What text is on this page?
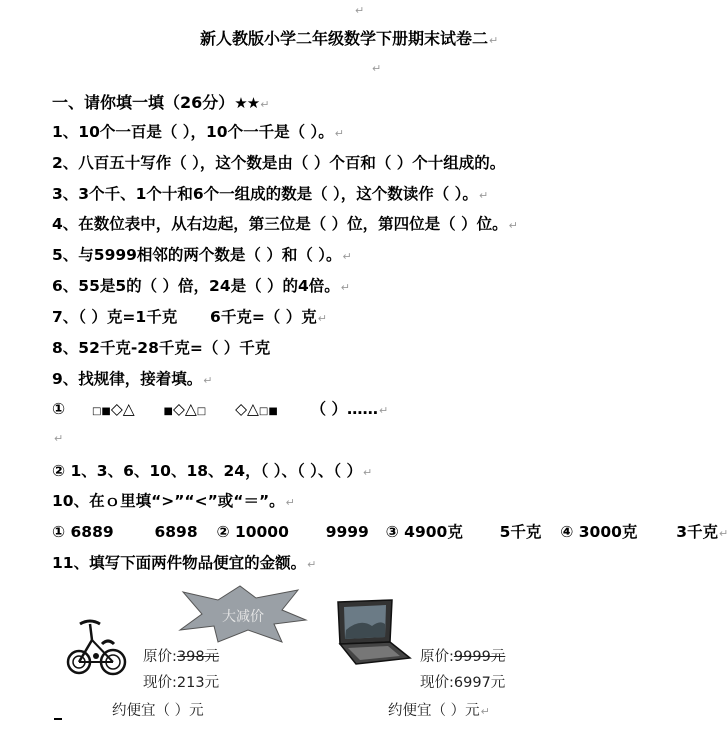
↵
新人教版小学二年级数学下册期末试卷二↵
↵
一、请你填一填（26分）★★↵
1、10个一百是（ ），10个一千是（ ）。↵
2、八百五十写作（ ），这个数是由（ ）个百和（ ）个十组成的。
3、3个千、1个十和6个一组成的数是（ ），这个数读作（ ）。↵
4、在数位表中，从右边起，第三位是（ ）位，第四位是（ ）位。↵
5、与5999相邻的两个数是（ ）和（ ）。↵
6、55是5的（ ）倍，24是（ ）的4倍。↵
7、（ ）克=1千克 6千克=（ ）克↵
8、52千克-28千克=（ ）千克
9、找规律，接着填。↵
①	□■◇△	■◇△□ ◇△□■ （ ）……↵
↵
② 1、3、6、10、18、24，（ ）、（ ）、（ ）↵
10、在ｏ里填“>”“<”或“＝”。↵
① 6889	6898 ② 10000 9999 ③ 4900克 5千克 ④ 3000克	3千克↵
11、填写下面两件物品便宜的金额。↵
大减价
原价:398元
现价:213元
约便宜（ ）元
原价:9999元
现价:6997元
约便宜（ ）元↵
